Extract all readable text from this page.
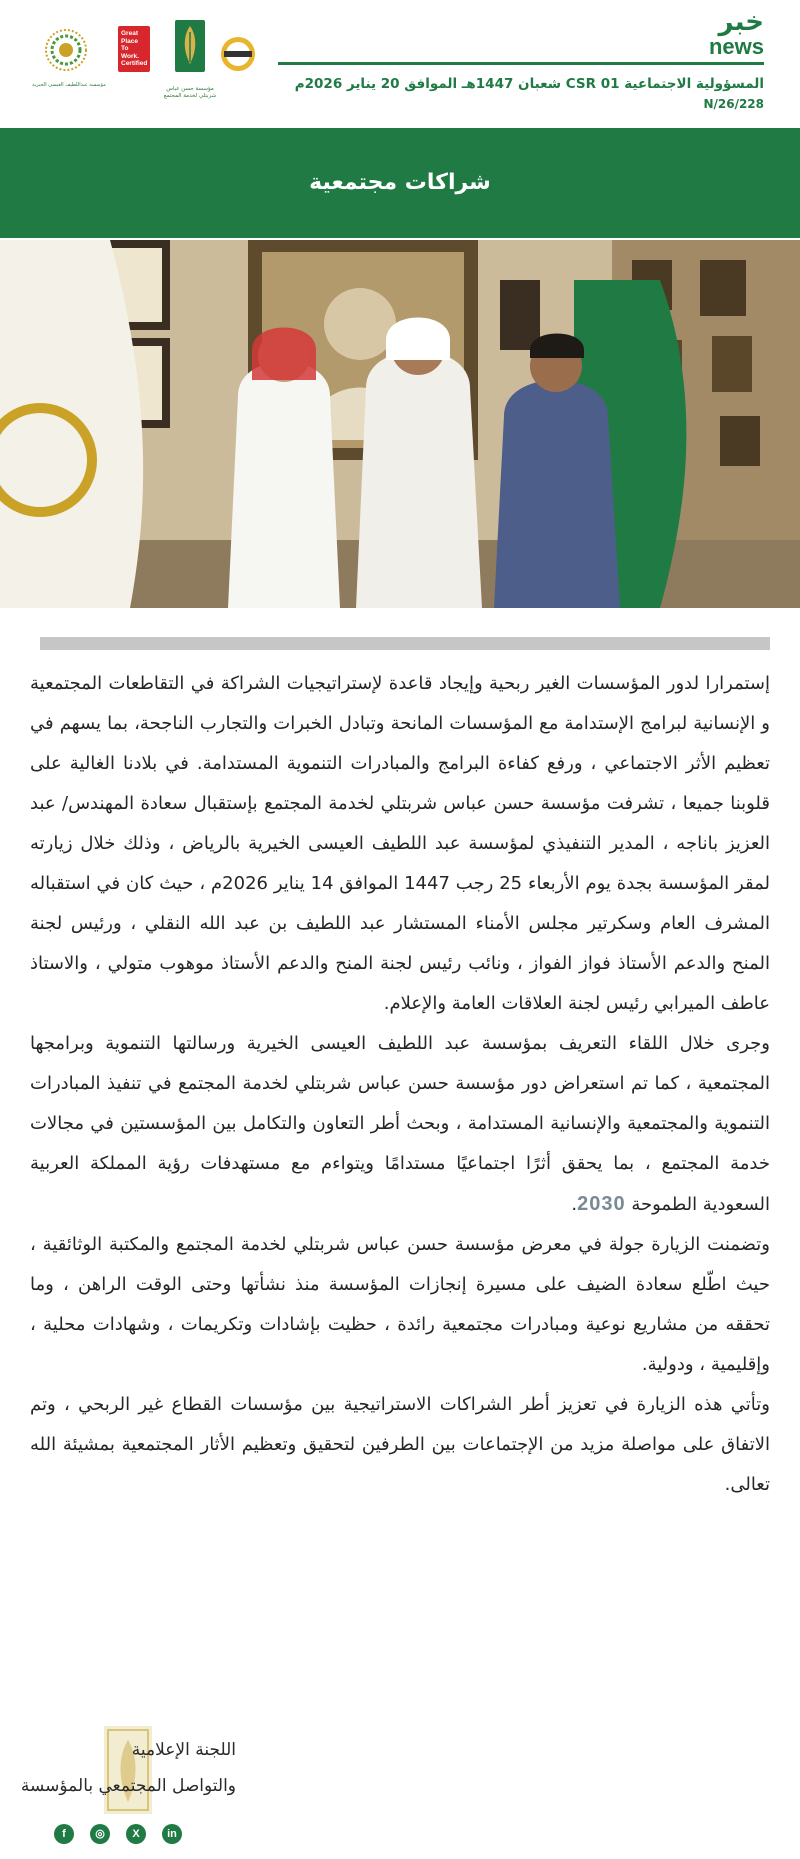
خبر
news
المسؤولية الاجتماعية CSR 01 شعبان 1447هـ الموافق 20 يناير 2026م
N/26/228
مؤسسة عبداللطيف العيسى الخيرية
Great Place To Work. Certified
مؤسسة حسن عباس شربتلي لخدمة المجتمع
شراكات مجتمعية

إستمرارا لدور المؤسسات الغير ربحية وإيجاد قاعدة لإستراتيجيات الشراكة في التقاطعات المجتمعية و الإنسانية لبرامج الإستدامة مع المؤسسات المانحة وتبادل الخبرات والتجارب الناجحة، بما يسهم في تعظيم الأثر الاجتماعي ، ورفع كفاءة البرامج والمبادرات التنموية المستدامة. في بلادنا الغالية على قلوبنا جميعا ، تشرفت مؤسسة حسن عباس شربتلي لخدمة المجتمع بإستقبال سعادة المهندس/ عبد العزيز باناجه ، المدير التنفيذي لمؤسسة عبد اللطيف العيسى الخيرية بالرياض ، وذلك خلال زيارته لمقر المؤسسة بجدة يوم الأربعاء 25 رجب 1447 الموافق 14 يناير 2026م ، حيث كان في استقباله المشرف العام وسكرتير مجلس الأمناء المستشار عبد اللطيف بن عبد الله النقلي ، ورئيس لجنة المنح والدعم الأستاذ فواز الفواز ، ونائب رئيس لجنة المنح والدعم الأستاذ موهوب متولي ، والاستاذ عاطف الميرابي رئيس لجنة العلاقات العامة والإعلام.

وجرى خلال اللقاء التعريف بمؤسسة عبد اللطيف العيسى الخيرية ورسالتها التنموية وبرامجها المجتمعية ، كما تم استعراض دور مؤسسة حسن عباس شربتلي لخدمة المجتمع في تنفيذ المبادرات التنموية والمجتمعية والإنسانية المستدامة ، وبحث أطر التعاون والتكامل بين المؤسستين في مجالات خدمة المجتمع ، بما يحقق أثرًا اجتماعيًا مستدامًا ويتواءم مع مستهدفات رؤية المملكة العربية السعودية الطموحة 2030.

وتضمنت الزيارة جولة في معرض مؤسسة حسن عباس شربتلي لخدمة المجتمع والمكتبة الوثائقية ، حيث اطّلع سعادة الضيف على مسيرة إنجازات المؤسسة منذ نشأتها وحتى الوقت الراهن ، وما تحققه من مشاريع نوعية ومبادرات مجتمعية رائدة ، حظيت بإشادات وتكريمات ، وشهادات محلية ، وإقليمية ، ودولية.

وتأتي هذه الزيارة في تعزيز أطر الشراكات الاستراتيجية بين مؤسسات القطاع غير الربحي ، وتم الاتفاق على مواصلة مزيد من الإجتماعات بين الطرفين لتحقيق وتعظيم الأثار المجتمعية بمشيئة الله تعالى.

اللجنة الإعلامية
والتواصل المجتمعي بالمؤسسة
f	◎	X	in
